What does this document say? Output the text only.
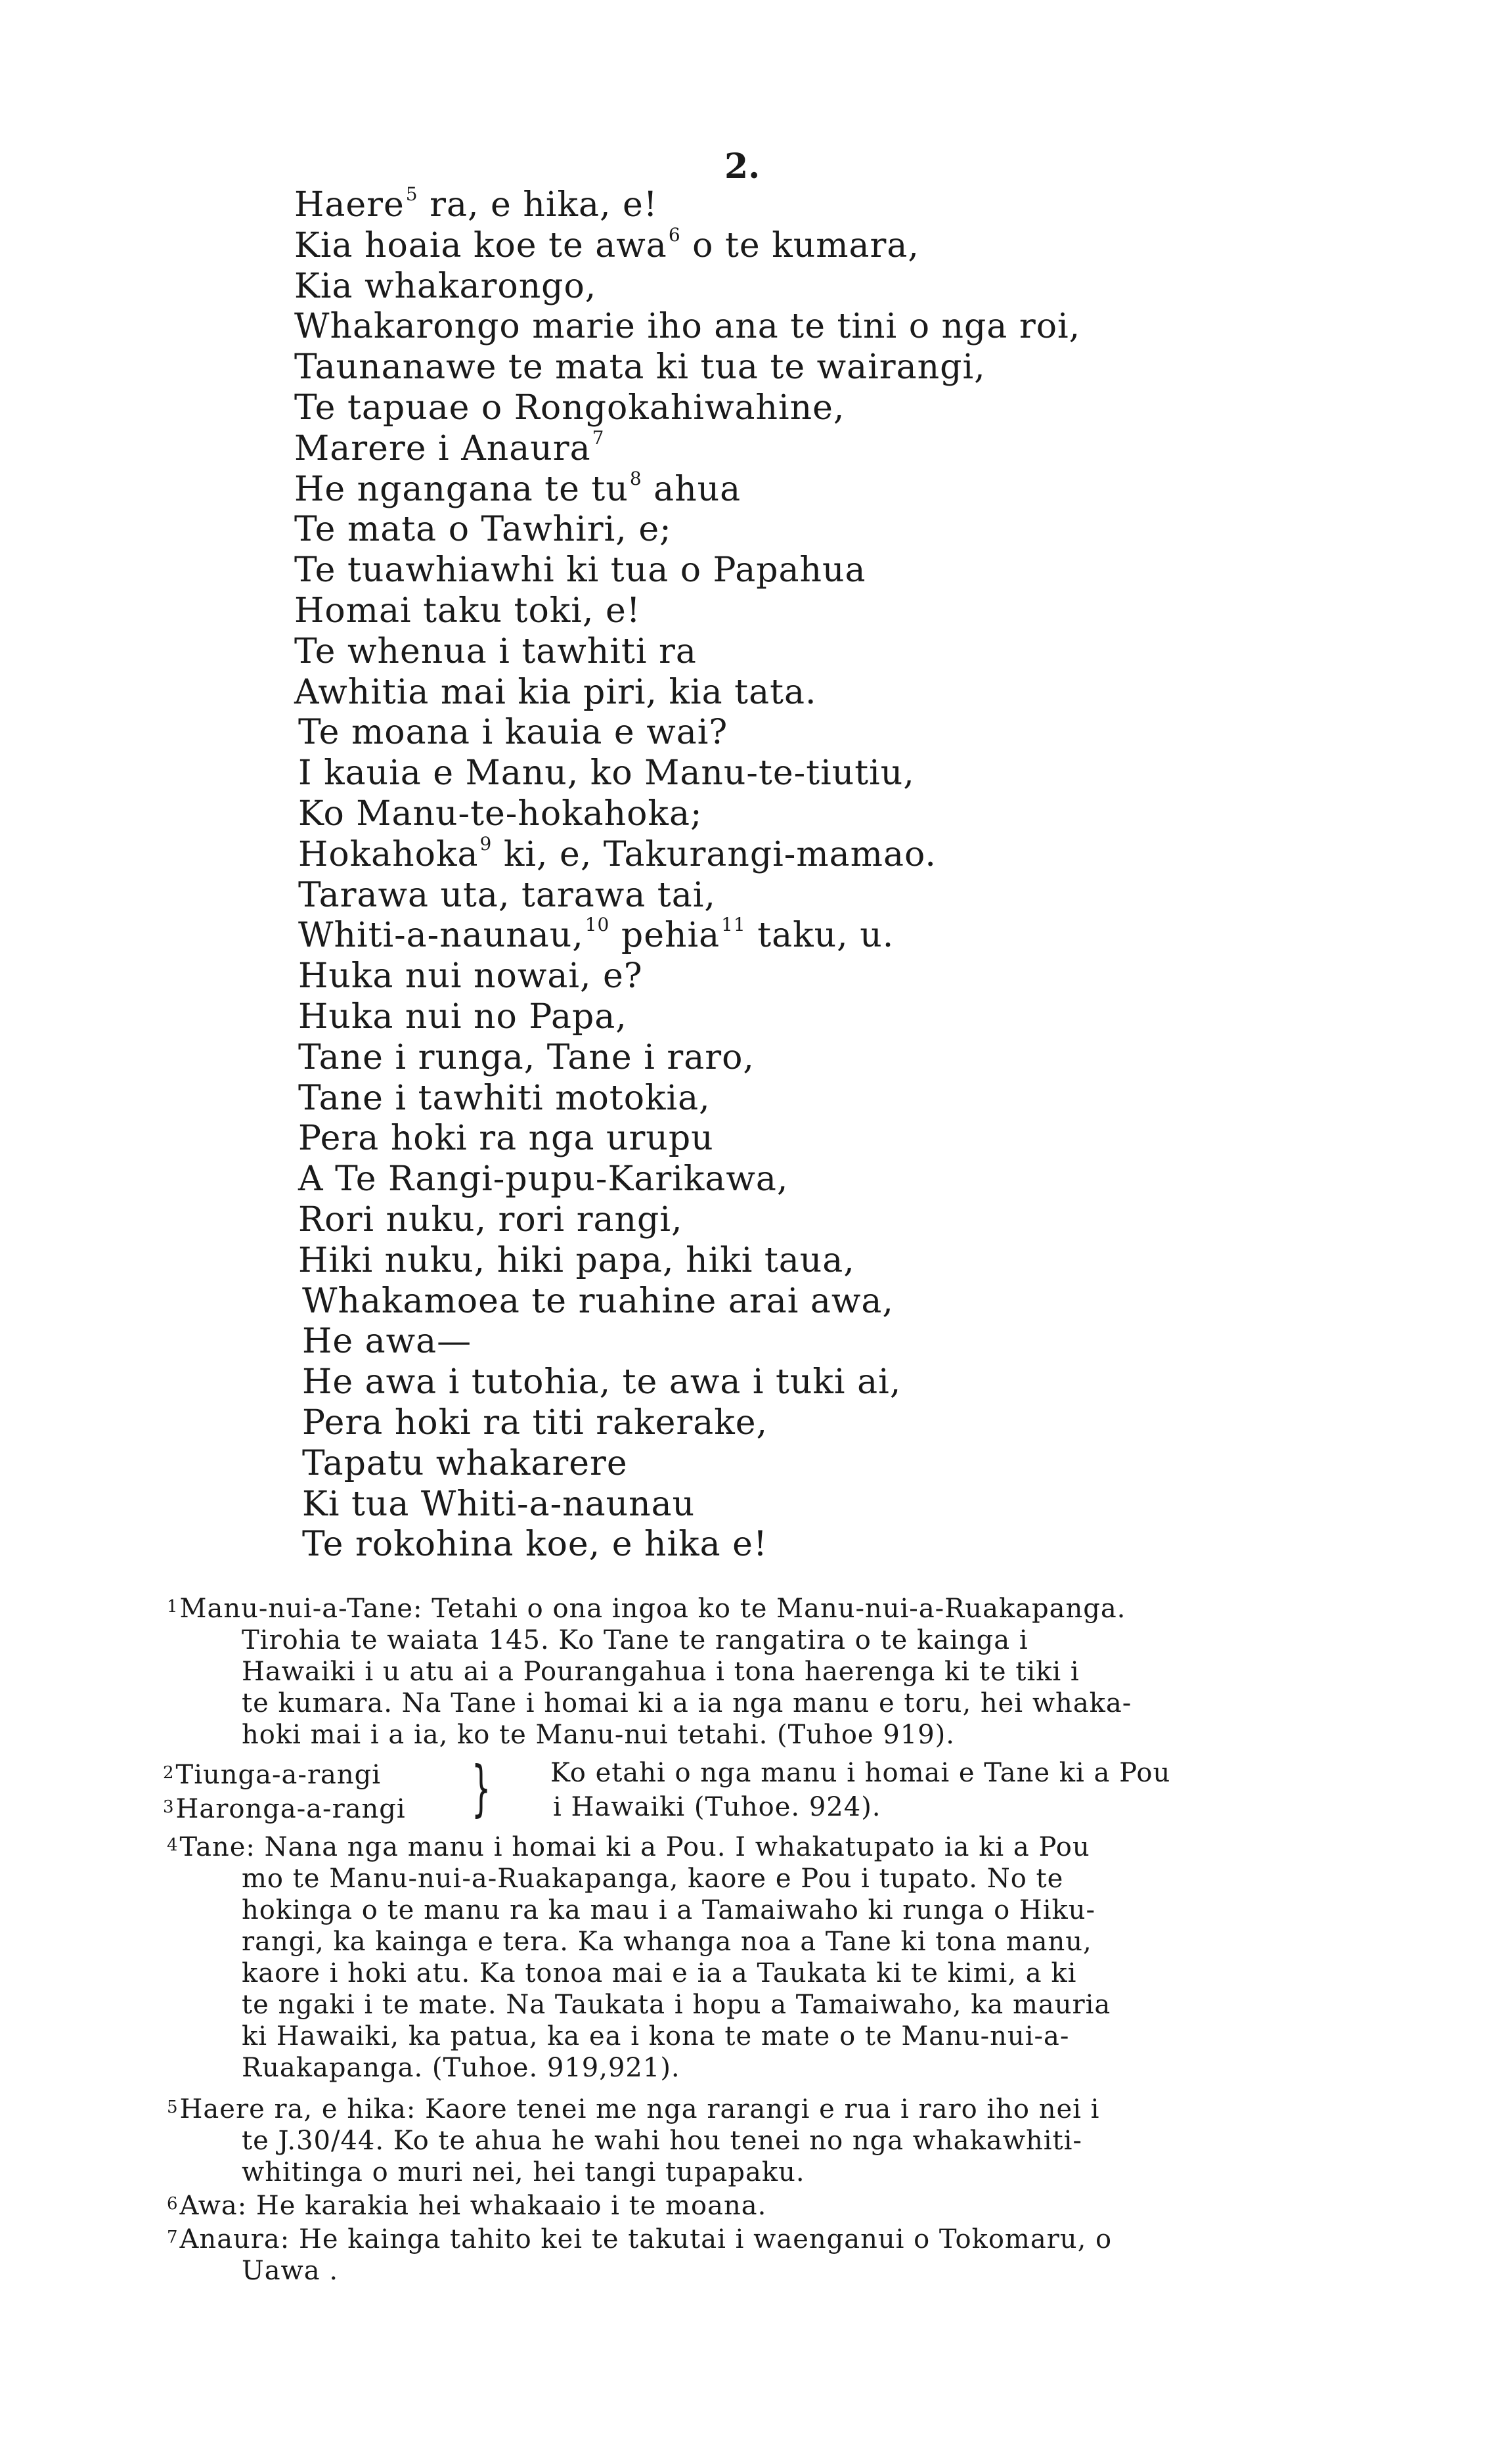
2.
Haere$^5$ ra, e hika, e!
Kia hoaia koe te awa$^6$ o te kumara,
Kia whakarongo,
Whakarongo marie iho ana te tini o nga roi,
Taunanawe te mata ki tua te wairangi,
Te tapuae o Rongokahiwahine,
Marere i Anaura$^7$
He ngangana te tu$^8$ ahua
Te mata o Tawhiri, e;
Te tuawhiawhi ki tua o Papahua
Homai taku toki, e!
Te whenua i tawhiti ra
Awhitia mai kia piri, kia tata.
Te moana i kauia e wai?
I kauia e Manu, ko Manu-te-tiutiu,
Ko Manu-te-hokahoka;
Hokahoka$^9$ ki, e, Takurangi-mamao.
Tarawa uta, tarawa tai,
Whiti-a-naunau,$^{10}$ pehia$^{11}$ taku, u.
Huka nui nowai, e?
Huka nui no Papa,
Tane i runga, Tane i raro,
Tane i tawhiti motokia,
Pera hoki ra nga urupu
A Te Rangi-pupu-Karikawa,
Rori nuku, rori rangi,
Hiki nuku, hiki papa, hiki taua,
Whakamoea te ruahine arai awa,
He awa—
He awa i tutohia, te awa i tuki ai,
Pera hoki ra titi rakerake,
Tapatu whakarere
Ki tua Whiti-a-naunau
Te rokohina koe, e hika e!
$^1$Manu-nui-a-Tane: Tetahi o ona ingoa ko te Manu-nui-a-Ruakapanga.
Tirohia te waiata 145. Ko Tane te rangatira o te kainga i
Hawaiki i u atu ai a Pourangahua i tona haerenga ki te tiki i
te kumara. Na Tane i homai ki a ia nga manu e toru, hei whaka-
hoki mai i a ia, ko te Manu-nui tetahi. (Tuhoe 919).
$^2$Tiunga-a-rangi
$^3$Haronga-a-rangi } Ko etahi o nga manu i homai e Tane ki a Pou
i Hawaiki (Tuhoe. 924).
$^4$Tane: Nana nga manu i homai ki a Pou. I whakatupato ia ki a Pou
mo te Manu-nui-a-Ruakapanga, kaore e Pou i tupato. No te
hokinga o te manu ra ka mau i a Tamaiwaho ki runga o Hiku-
rangi, ka kainga e tera. Ka whanga noa a Tane ki tona manu,
kaore i hoki atu. Ka tonoa mai e ia a Taukata ki te kimi, a ki
te ngaki i te mate. Na Taukata i hopu a Tamaiwaho, ka mauria
ki Hawaiki, ka patua, ka ea i kona te mate o te Manu-nui-a-
Ruakapanga. (Tuhoe. 919,921).
$^5$Haere ra, e hika: Kaore tenei me nga rarangi e rua i raro iho nei i
te J.30/44. Ko te ahua he wahi hou tenei no nga whakawhiti-
whitinga o muri nei, hei tangi tupapaku.
$^6$Awa: He karakia hei whakaaio i te moana.
$^7$Anaura: He kainga tahito kei te takutai i waenganui o Tokomaru, o
Uawa .
